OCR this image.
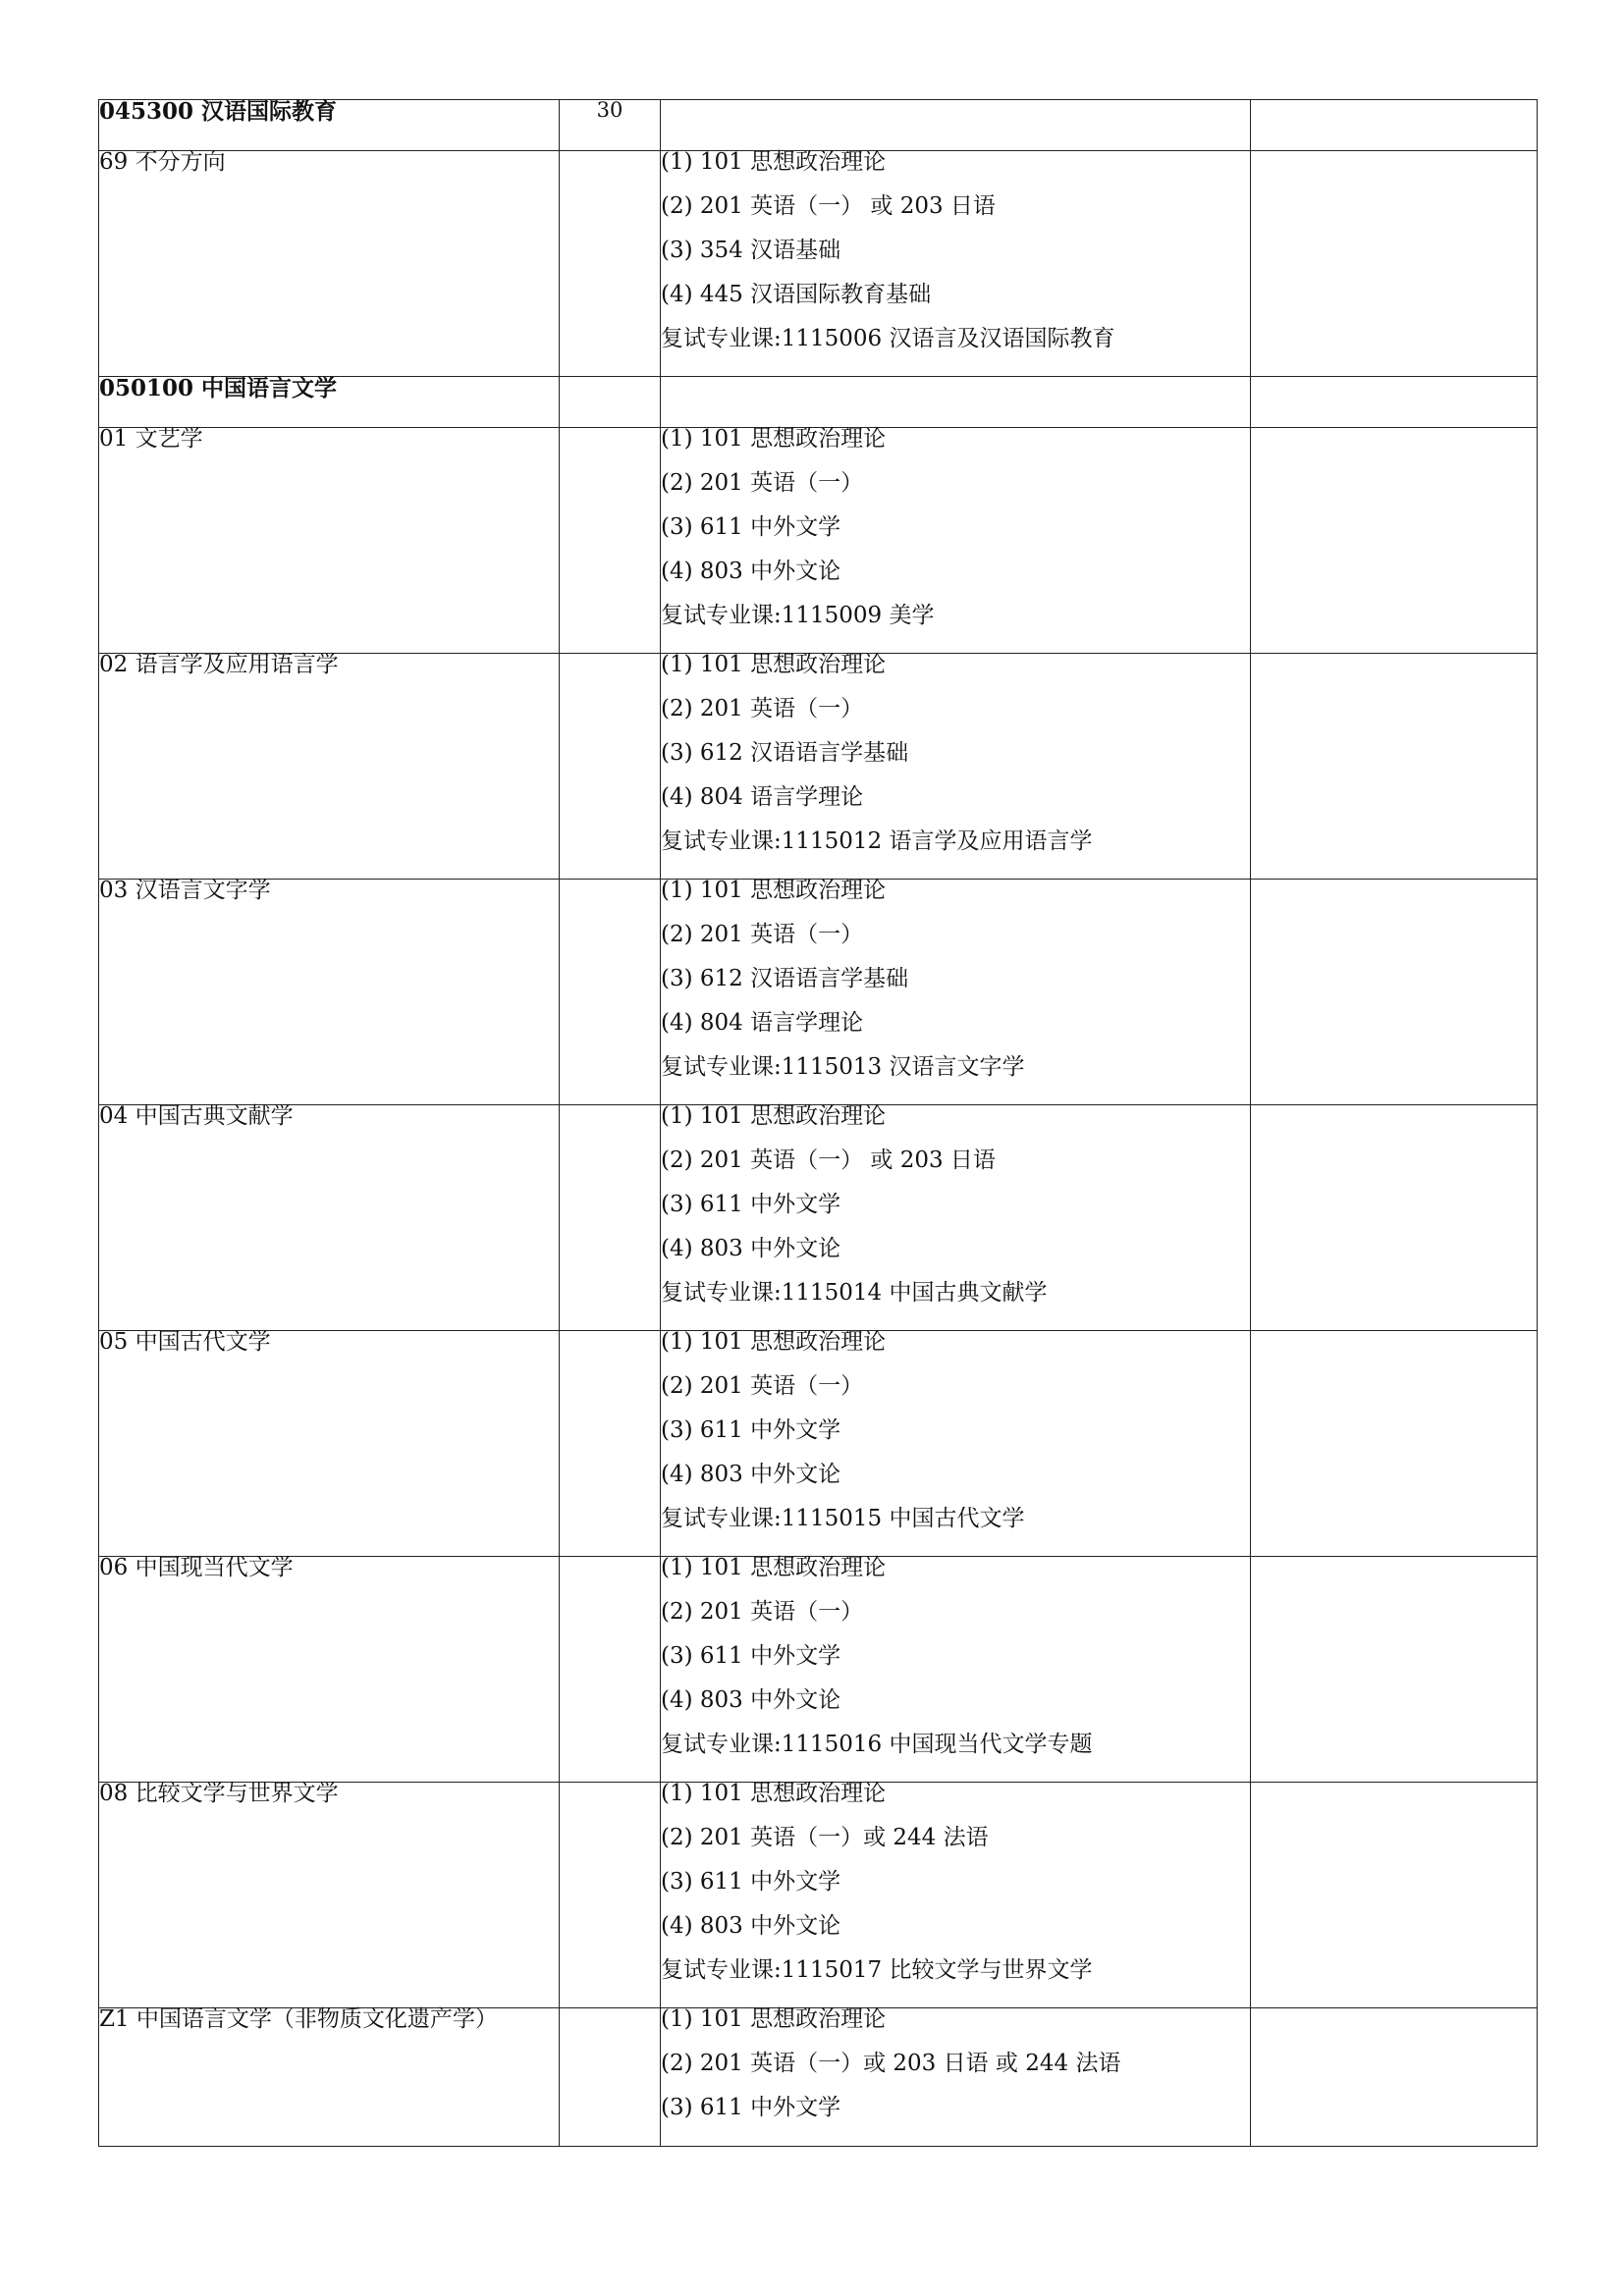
045300 汉语国际教育	30		
69 不分方向		(1) 101 思想政治理论
(2) 201 英语（一） 或 203 日语
(3) 354 汉语基础
(4) 445 汉语国际教育基础
复试专业课:1115006 汉语言及汉语国际教育	

050100 中国语言文学			
01 文艺学		(1) 101 思想政治理论
(2) 201 英语（一）
(3) 611 中外文学
(4) 803 中外文论
复试专业课:1115009 美学	

02 语言学及应用语言学		(1) 101 思想政治理论
(2) 201 英语（一）
(3) 612 汉语语言学基础
(4) 804 语言学理论
复试专业课:1115012 语言学及应用语言学	

03 汉语言文字学		(1) 101 思想政治理论
(2) 201 英语（一）
(3) 612 汉语语言学基础
(4) 804 语言学理论
复试专业课:1115013 汉语言文字学	

04 中国古典文献学		(1) 101 思想政治理论
(2) 201 英语（一） 或 203 日语
(3) 611 中外文学
(4) 803 中外文论
复试专业课:1115014 中国古典文献学	

05 中国古代文学		(1) 101 思想政治理论
(2) 201 英语（一）
(3) 611 中外文学
(4) 803 中外文论
复试专业课:1115015 中国古代文学	

06 中国现当代文学		(1) 101 思想政治理论
(2) 201 英语（一）
(3) 611 中外文学
(4) 803 中外文论
复试专业课:1115016 中国现当代文学专题	

08 比较文学与世界文学		(1) 101 思想政治理论
(2) 201 英语（一）或 244 法语
(3) 611 中外文学
(4) 803 中外文论
复试专业课:1115017 比较文学与世界文学	

Z1 中国语言文学（非物质文化遗产学）		(1) 101 思想政治理论
(2) 201 英语（一）或 203 日语 或 244 法语
(3) 611 中外文学	
